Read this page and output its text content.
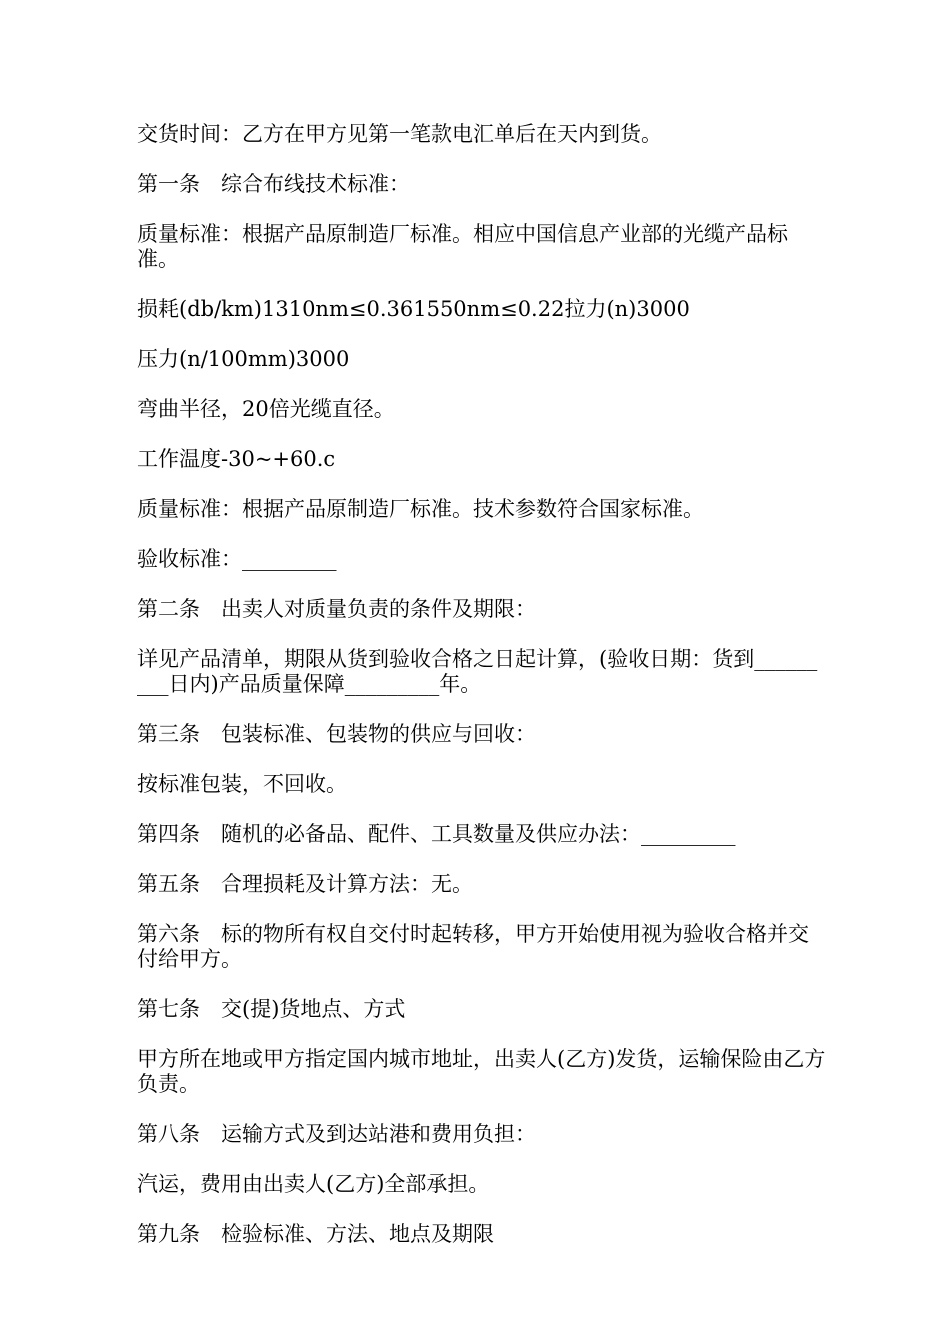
交货时间：乙方在甲方见第一笔款电汇单后在天内到货。

第一条　综合布线技术标准：

质量标准：根据产品原制造厂标准。相应中国信息产业部的光缆产品标准。

损耗(db/km)1310nm≤0.361550nm≤0.22拉力(n)3000

压力(n/100mm)3000

弯曲半径，20倍光缆直径。

工作温度-30~+60.c

质量标准：根据产品原制造厂标准。技术参数符合国家标准。

验收标准：_________

第二条　出卖人对质量负责的条件及期限：

详见产品清单，期限从货到验收合格之日起计算，(验收日期：货到_________日内)产品质量保障_________年。

第三条　包装标准、包装物的供应与回收：

按标准包装，不回收。

第四条　随机的必备品、配件、工具数量及供应办法：_________

第五条　合理损耗及计算方法：无。

第六条　标的物所有权自交付时起转移，甲方开始使用视为验收合格并交付给甲方。

第七条　交(提)货地点、方式

甲方所在地或甲方指定国内城市地址，出卖人(乙方)发货，运输保险由乙方负责。

第八条　运输方式及到达站港和费用负担：

汽运，费用由出卖人(乙方)全部承担。

第九条　检验标准、方法、地点及期限
